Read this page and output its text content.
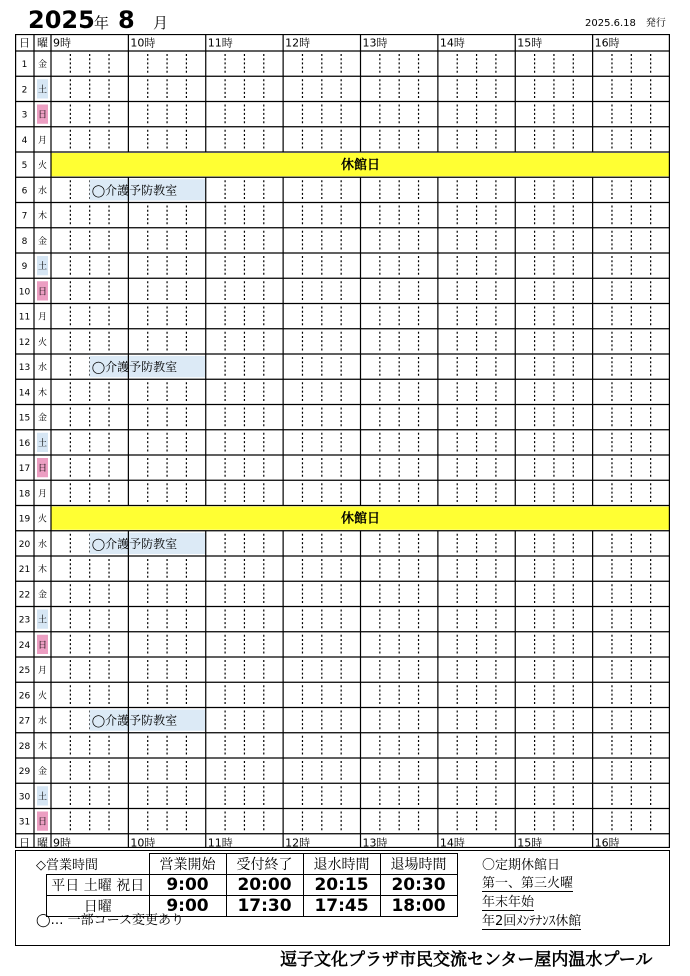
2025 年 8 月	2025.6.18　発行
日 曜 9時	10時	11時	12時	13時	14時	15時	16時
日 曜 9時	10時	11時	12時	13時	14時	15時	16時
1 金
2 土
3 日
4 月
5 火	休館日
6 水	◯介護予防教室
7 木
8 金
9 土
10 日
11 月
12 火
13 水	◯介護予防教室
14 木
15 金
16 土
17 日
18 月
19 火	休館日
20 水	◯介護予防教室
21 木
22 金
23 土
24 日
25 月
26 火
27 水	◯介護予防教室
28 木
29 金
30 土
31 日
◇営業時間
		営業開始	受付終了	退水時間	退場時間
平日 土曜 祝日	9:00	20:00	20:15	20:30
日曜	9:00	17:30	17:45	18:00
◯… 一部コース変更あり
〇定期休館日
第一、第三火曜
年末年始
年2回ﾒﾝﾃﾅﾝｽ休館
逗子文化プラザ市民交流センター屋内温水プール
